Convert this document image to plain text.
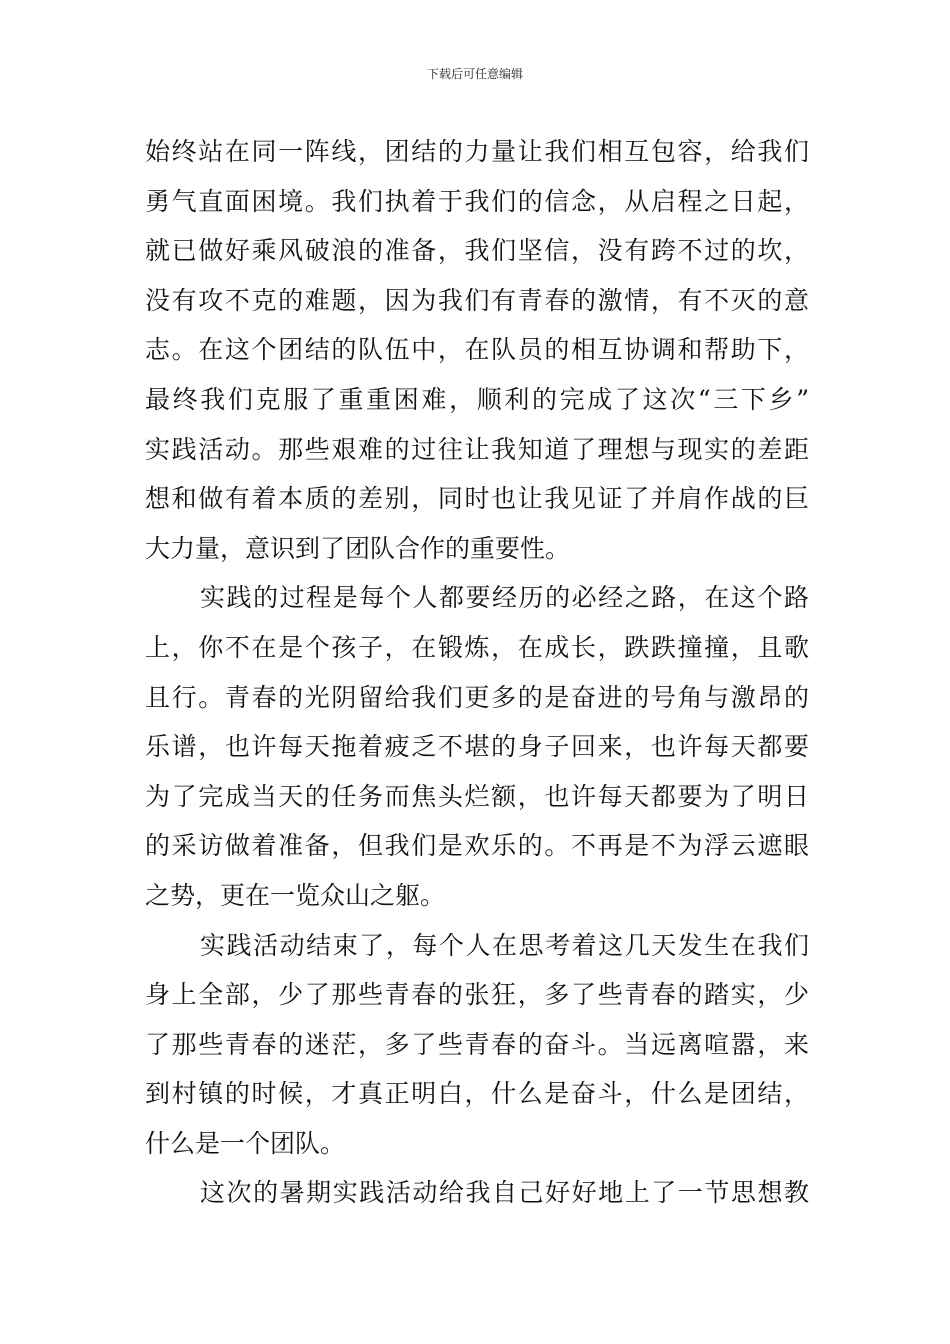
下载后可任意编辑
始终站在同一阵线，团结的力量让我们相互包容，给我们
勇气直面困境。我们执着于我们的信念，从启程之日起，
就已做好乘风破浪的准备，我们坚信，没有跨不过的坎，
没有攻不克的难题，因为我们有青春的激情，有不灭的意
志。在这个团结的队伍中，在队员的相互协调和帮助下，
最终我们克服了重重困难，顺利的完成了这次“三下乡”
实践活动。那些艰难的过往让我知道了理想与现实的差距
想和做有着本质的差别，同时也让我见证了并肩作战的巨
大力量，意识到了团队合作的重要性。
实践的过程是每个人都要经历的必经之路，在这个路
上，你不在是个孩子，在锻炼，在成长，跌跌撞撞，且歌
且行。青春的光阴留给我们更多的是奋进的号角与激昂的
乐谱，也许每天拖着疲乏不堪的身子回来，也许每天都要
为了完成当天的任务而焦头烂额，也许每天都要为了明日
的采访做着准备，但我们是欢乐的。不再是不为浮云遮眼
之势，更在一览众山之躯。
实践活动结束了，每个人在思考着这几天发生在我们
身上全部，少了那些青春的张狂，多了些青春的踏实，少
了那些青春的迷茫，多了些青春的奋斗。当远离喧嚣，来
到村镇的时候，才真正明白，什么是奋斗，什么是团结，
什么是一个团队。
这次的暑期实践活动给我自己好好地上了一节思想教
